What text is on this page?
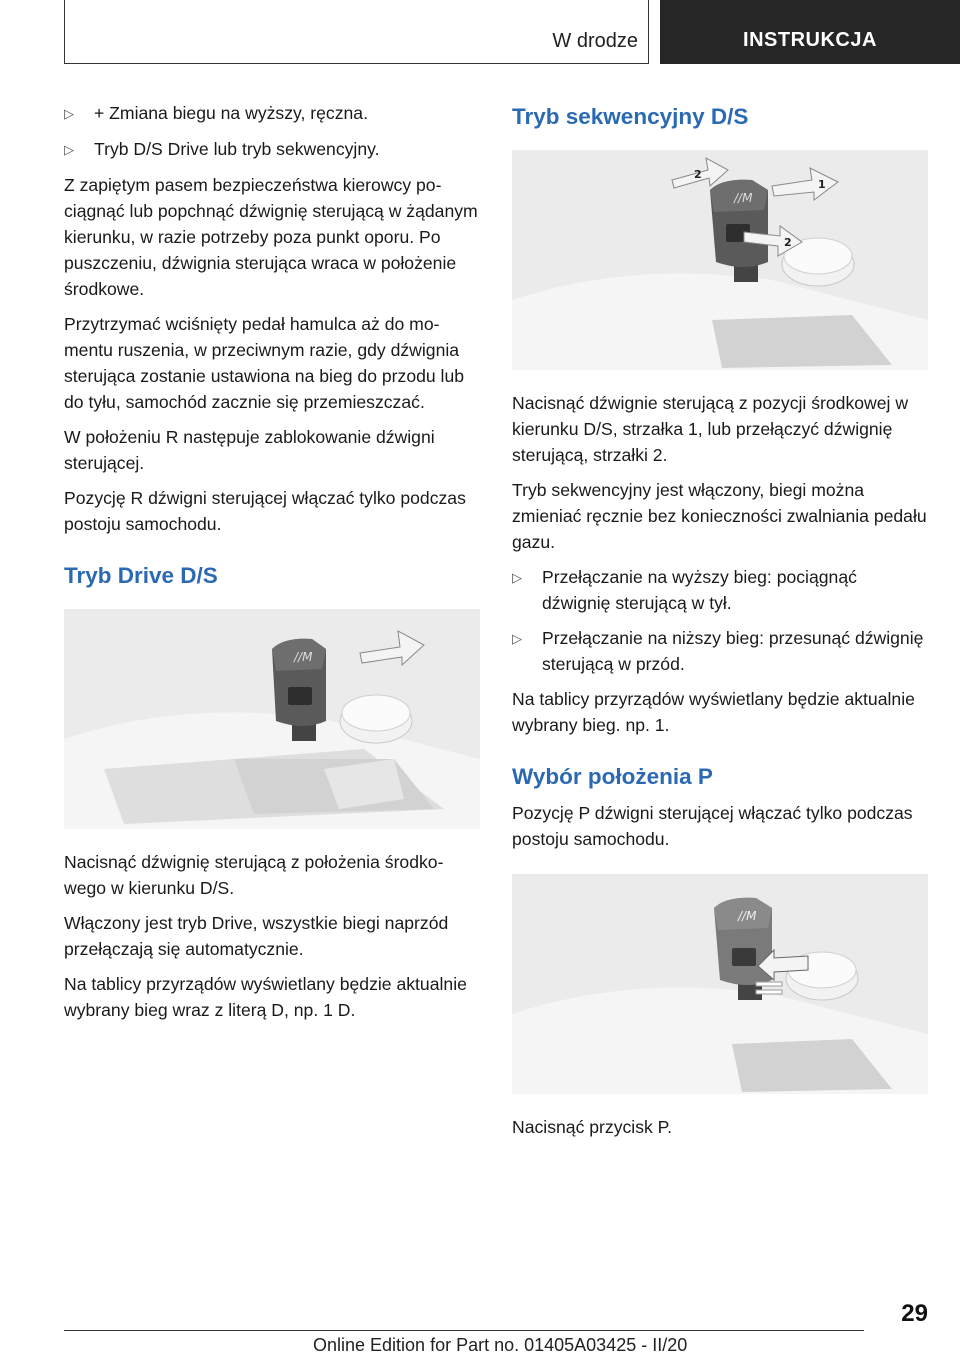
W drodze	INSTRUKCJA
▷	+ Zmiana biegu na wyższy, ręczna.
▷	Tryb D/S Drive lub tryb sekwencyjny.

Z zapiętym pasem bezpieczeństwa kierowcy pociągnąć lub popchnąć dźwignię sterującą w żądanym kierunku, w razie potrzeby poza punkt oporu. Po puszczeniu, dźwignia sterująca wraca w położenie środkowe.

Przytrzymać wciśnięty pedał hamulca aż do momentu ruszenia, w przeciwnym razie, gdy dźwignia sterująca zostanie ustawiona na bieg do przodu lub do tyłu, samochód zacznie się przemieszczać.

W położeniu R następuje zablokowanie dźwigni sterującej.

Pozycję R dźwigni sterującej włączać tylko podczas postoju samochodu.

Tryb Drive D/S
//M

Nacisnąć dźwignię sterującą z położenia środkowego w kierunku D/S.

Włączony jest tryb Drive, wszystkie biegi naprzód przełączają się automatycznie.

Na tablicy przyrządów wyświetlany będzie aktualnie wybrany bieg wraz z literą D, np. 1 D.

Tryb sekwencyjny D/S
//M
2
1
2

Nacisnąć dźwignie sterującą z pozycji środkowej w kierunku D/S, strzałka 1, lub przełączyć dźwignię sterującą, strzałki 2.

Tryb sekwencyjny jest włączony, biegi można zmieniać ręcznie bez konieczności zwalniania pedału gazu.

▷	Przełączanie na wyższy bieg: pociągnąć dźwignię sterującą w tył.
▷	Przełączanie na niższy bieg: przesunąć dźwignię sterującą w przód.

Na tablicy przyrządów wyświetlany będzie aktualnie wybrany bieg. np. 1.

Wybór położenia P

Pozycję P dźwigni sterującej włączać tylko podczas postoju samochodu.

//M

Nacisnąć przycisk P.

29
Online Edition for Part no. 01405A03425 - II/20
